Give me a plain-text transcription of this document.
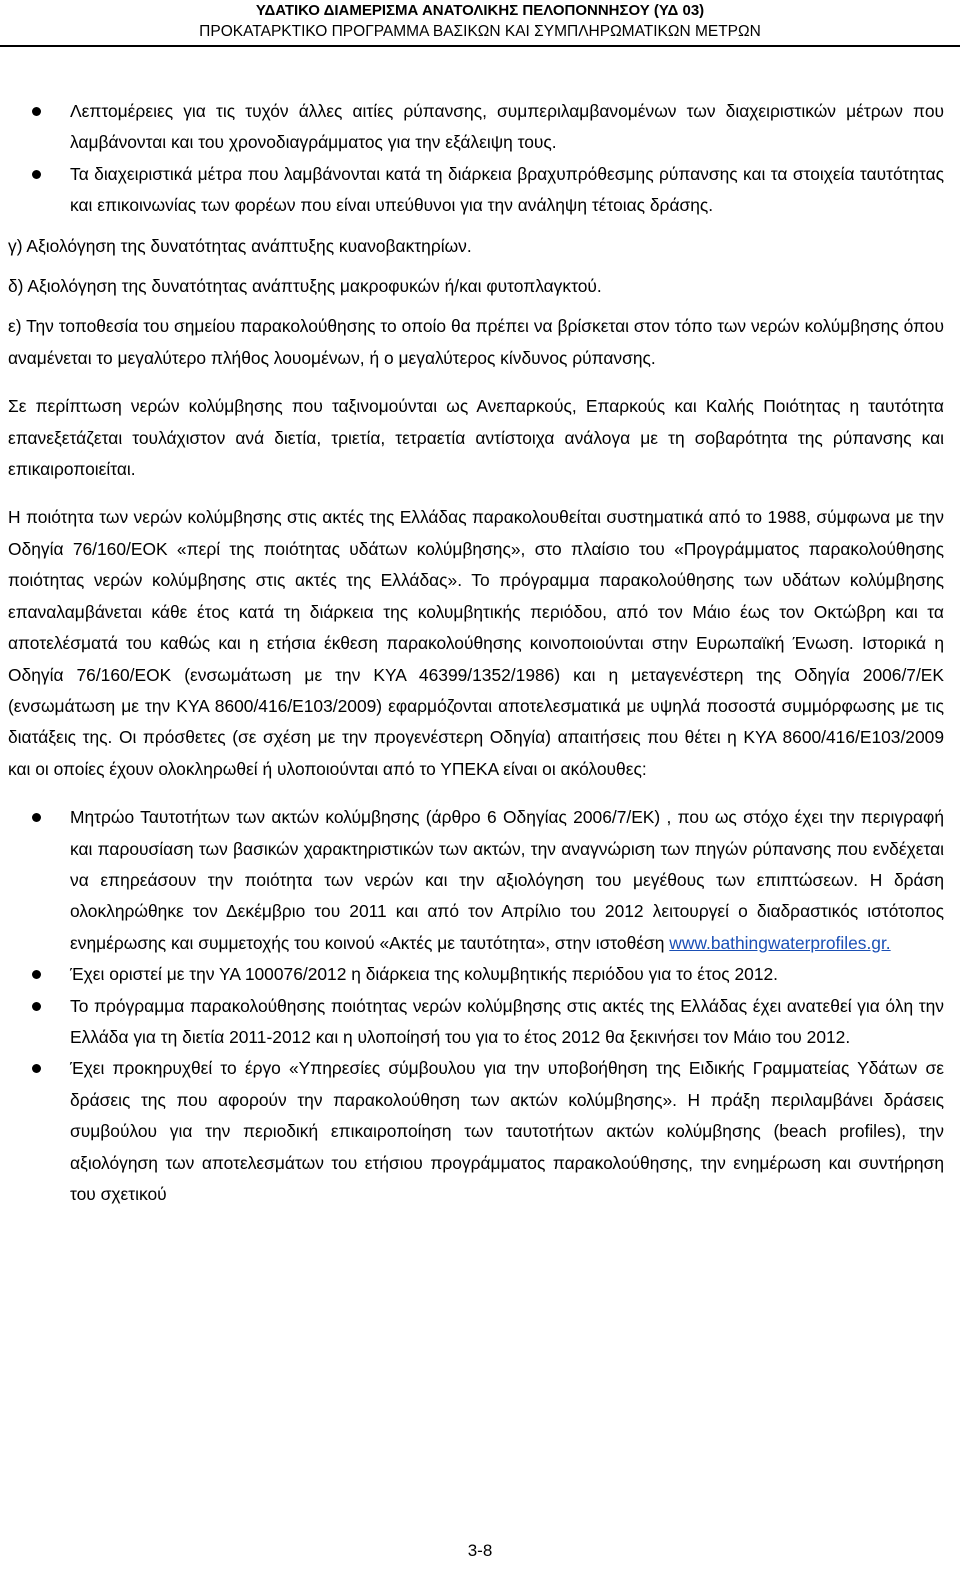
ΥΔΑΤΙΚΟ ΔΙΑΜΕΡΙΣΜΑ ΑΝΑΤΟΛΙΚΗΣ ΠΕΛΟΠΟΝΝΗΣΟΥ (ΥΔ 03)
ΠΡΟΚΑΤΑΡΚΤΙΚΟ ΠΡΟΓΡΑΜΜΑ ΒΑΣΙΚΩΝ ΚΑΙ ΣΥΜΠΛΗΡΩΜΑΤΙΚΩΝ ΜΕΤΡΩΝ
Λεπτομέρειες για τις τυχόν άλλες αιτίες ρύπανσης, συμπεριλαμβανομένων των διαχειριστικών μέτρων που λαμβάνονται και του χρονοδιαγράμματος για την εξάλειψη τους.
Τα διαχειριστικά μέτρα που λαμβάνονται κατά τη διάρκεια βραχυπρόθεσμης ρύπανσης και τα στοιχεία ταυτότητας και επικοινωνίας των φορέων που είναι υπεύθυνοι για την ανάληψη τέτοιας δράσης.

γ) Αξιολόγηση της δυνατότητας ανάπτυξης κυανοβακτηρίων.

δ) Αξιολόγηση της δυνατότητας ανάπτυξης μακροφυκών ή/και φυτοπλαγκτού.

ε) Την τοποθεσία του σημείου παρακολούθησης το οποίο θα πρέπει να βρίσκεται στον τόπο των νερών κολύμβησης όπου αναμένεται το μεγαλύτερο πλήθος λουομένων, ή ο μεγαλύτερος κίνδυνος ρύπανσης.

Σε περίπτωση νερών κολύμβησης που ταξινομούνται ως Ανεπαρκούς, Επαρκούς και Καλής Ποιότητας η ταυτότητα επανεξετάζεται τουλάχιστον ανά διετία, τριετία, τετραετία αντίστοιχα ανάλογα με τη σοβαρότητα της ρύπανσης και επικαιροποιείται.

Η ποιότητα των νερών κολύμβησης στις ακτές της Ελλάδας παρακολουθείται συστηματικά από το 1988, σύμφωνα με την Οδηγία 76/160/ΕΟΚ «περί της ποιότητας υδάτων κολύμβησης», στο πλαίσιο του «Προγράμματος παρακολούθησης ποιότητας νερών κολύμβησης στις ακτές της Ελλάδας». Το πρόγραμμα παρακολούθησης των υδάτων κολύμβησης επαναλαμβάνεται κάθε έτος κατά τη διάρκεια της κολυμβητικής περιόδου, από τον Μάιο έως τον Οκτώβρη και τα αποτελέσματά του καθώς και η ετήσια έκθεση παρακολούθησης κοινοποιούνται στην Ευρωπαϊκή Ένωση. Ιστορικά η Οδηγία 76/160/ΕΟΚ (ενσωμάτωση με την ΚΥΑ 46399/1352/1986) και η μεταγενέστερη της Οδηγία 2006/7/ΕΚ (ενσωμάτωση με την ΚΥΑ 8600/416/Ε103/2009) εφαρμόζονται αποτελεσματικά με υψηλά ποσοστά συμμόρφωσης με τις διατάξεις της. Οι πρόσθετες (σε σχέση με την προγενέστερη Οδηγία) απαιτήσεις που θέτει η ΚΥΑ 8600/416/Ε103/2009 και οι οποίες έχουν ολοκληρωθεί ή υλοποιούνται από το ΥΠΕΚΑ είναι οι ακόλουθες:

Μητρώο Ταυτοτήτων των ακτών κολύμβησης (άρθρο 6 Οδηγίας 2006/7/ΕΚ) , που ως στόχο έχει την περιγραφή και παρουσίαση των βασικών χαρακτηριστικών των ακτών, την αναγνώριση των πηγών ρύπανσης που ενδέχεται να επηρεάσουν την ποιότητα των νερών και την αξιολόγηση του μεγέθους των επιπτώσεων. Η δράση ολοκληρώθηκε τον Δεκέμβριο του 2011 και από τον Απρίλιο του 2012 λειτουργεί ο διαδραστικός ιστότοπος ενημέρωσης και συμμετοχής του κοινού «Ακτές με ταυτότητα», στην ιστοθέση www.bathingwaterprofiles.gr.
Έχει οριστεί με την ΥΑ 100076/2012 η διάρκεια της κολυμβητικής περιόδου για το έτος 2012.
Το πρόγραμμα παρακολούθησης ποιότητας νερών κολύμβησης στις ακτές της Ελλάδας έχει ανατεθεί για όλη την Ελλάδα για τη διετία 2011-2012 και η υλοποίησή του για το έτος 2012 θα ξεκινήσει τον Μάιο του 2012.
Έχει προκηρυχθεί το έργο «Υπηρεσίες σύμβουλου για την υποβοήθηση της Ειδικής Γραμματείας Υδάτων σε δράσεις της που αφορούν την παρακολούθηση των ακτών κολύμβησης». Η πράξη περιλαμβάνει δράσεις συμβούλου για την περιοδική επικαιροποίηση των ταυτοτήτων ακτών κολύμβησης (beach profiles), την αξιολόγηση των αποτελεσμάτων του ετήσιου προγράμματος παρακολούθησης, την ενημέρωση και συντήρηση του σχετικού
3-8
